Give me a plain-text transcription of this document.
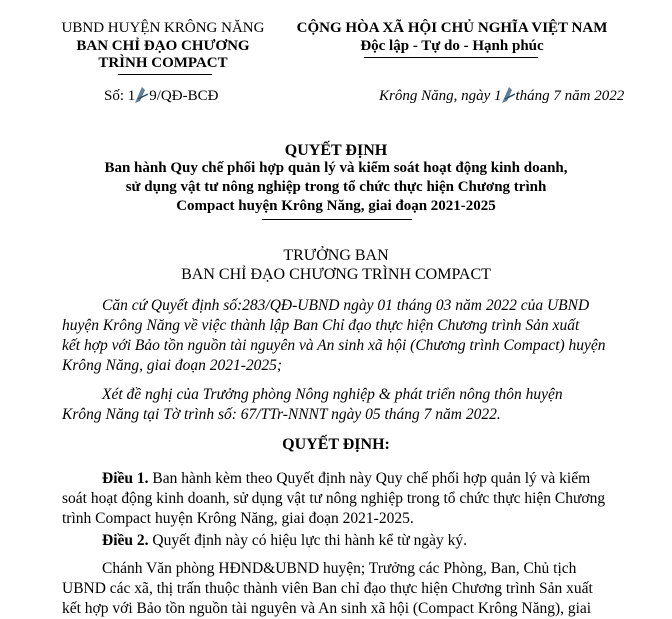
UBND HUYỆN KRÔNG NĂNG
BAN CHỈ ĐẠO CHƯƠNG
TRÌNH COMPACT
CỘNG HÒA XÃ HỘI CHỦ NGHĨA VIỆT NAM
Độc lập - Tự do - Hạnh phúc
Số: 1 9/QĐ-BCĐ	Krông Năng, ngày 1 tháng 7 năm 2022
QUYẾT ĐỊNH
Ban hành Quy chế phối hợp quản lý và kiểm soát hoạt động kinh doanh,
sử dụng vật tư nông nghiệp trong tổ chức thực hiện Chương trình
Compact huyện Krông Năng, giai đoạn 2021-2025
TRƯỞNG BAN
BAN CHỈ ĐẠO CHƯƠNG TRÌNH COMPACT
Căn cứ Quyết định số:283/QĐ-UBND ngày 01 tháng 03 năm 2022 của UBND
huyện Krông Năng về việc thành lập Ban Chỉ đạo thực hiện Chương trình Sản xuất
kết hợp với Bảo tồn nguồn tài nguyên và An sinh xã hội (Chương trình Compact) huyện
Krông Năng, giai đoạn 2021-2025;
Xét đề nghị của Trưởng phòng Nông nghiệp & phát triển nông thôn huyện
Krông Năng tại Tờ trình số: 67/TTr-NNNT ngày 05 tháng 7 năm 2022.
QUYẾT ĐỊNH:
Điều 1. Ban hành kèm theo Quyết định này Quy chế phối hợp quản lý và kiểm
soát hoạt động kinh doanh, sử dụng vật tư nông nghiệp trong tổ chức thực hiện Chương
trình Compact huyện Krông Năng, giai đoạn 2021-2025.
Điều 2. Quyết định này có hiệu lực thi hành kể từ ngày ký.
Chánh Văn phòng HĐND&UBND huyện; Trưởng các Phòng, Ban, Chủ tịch
UBND các xã, thị trấn thuộc thành viên Ban chỉ đạo thực hiện Chương trình Sản xuất
kết hợp với Bảo tồn nguồn tài nguyên và An sinh xã hội (Compact Krông Năng), giai
